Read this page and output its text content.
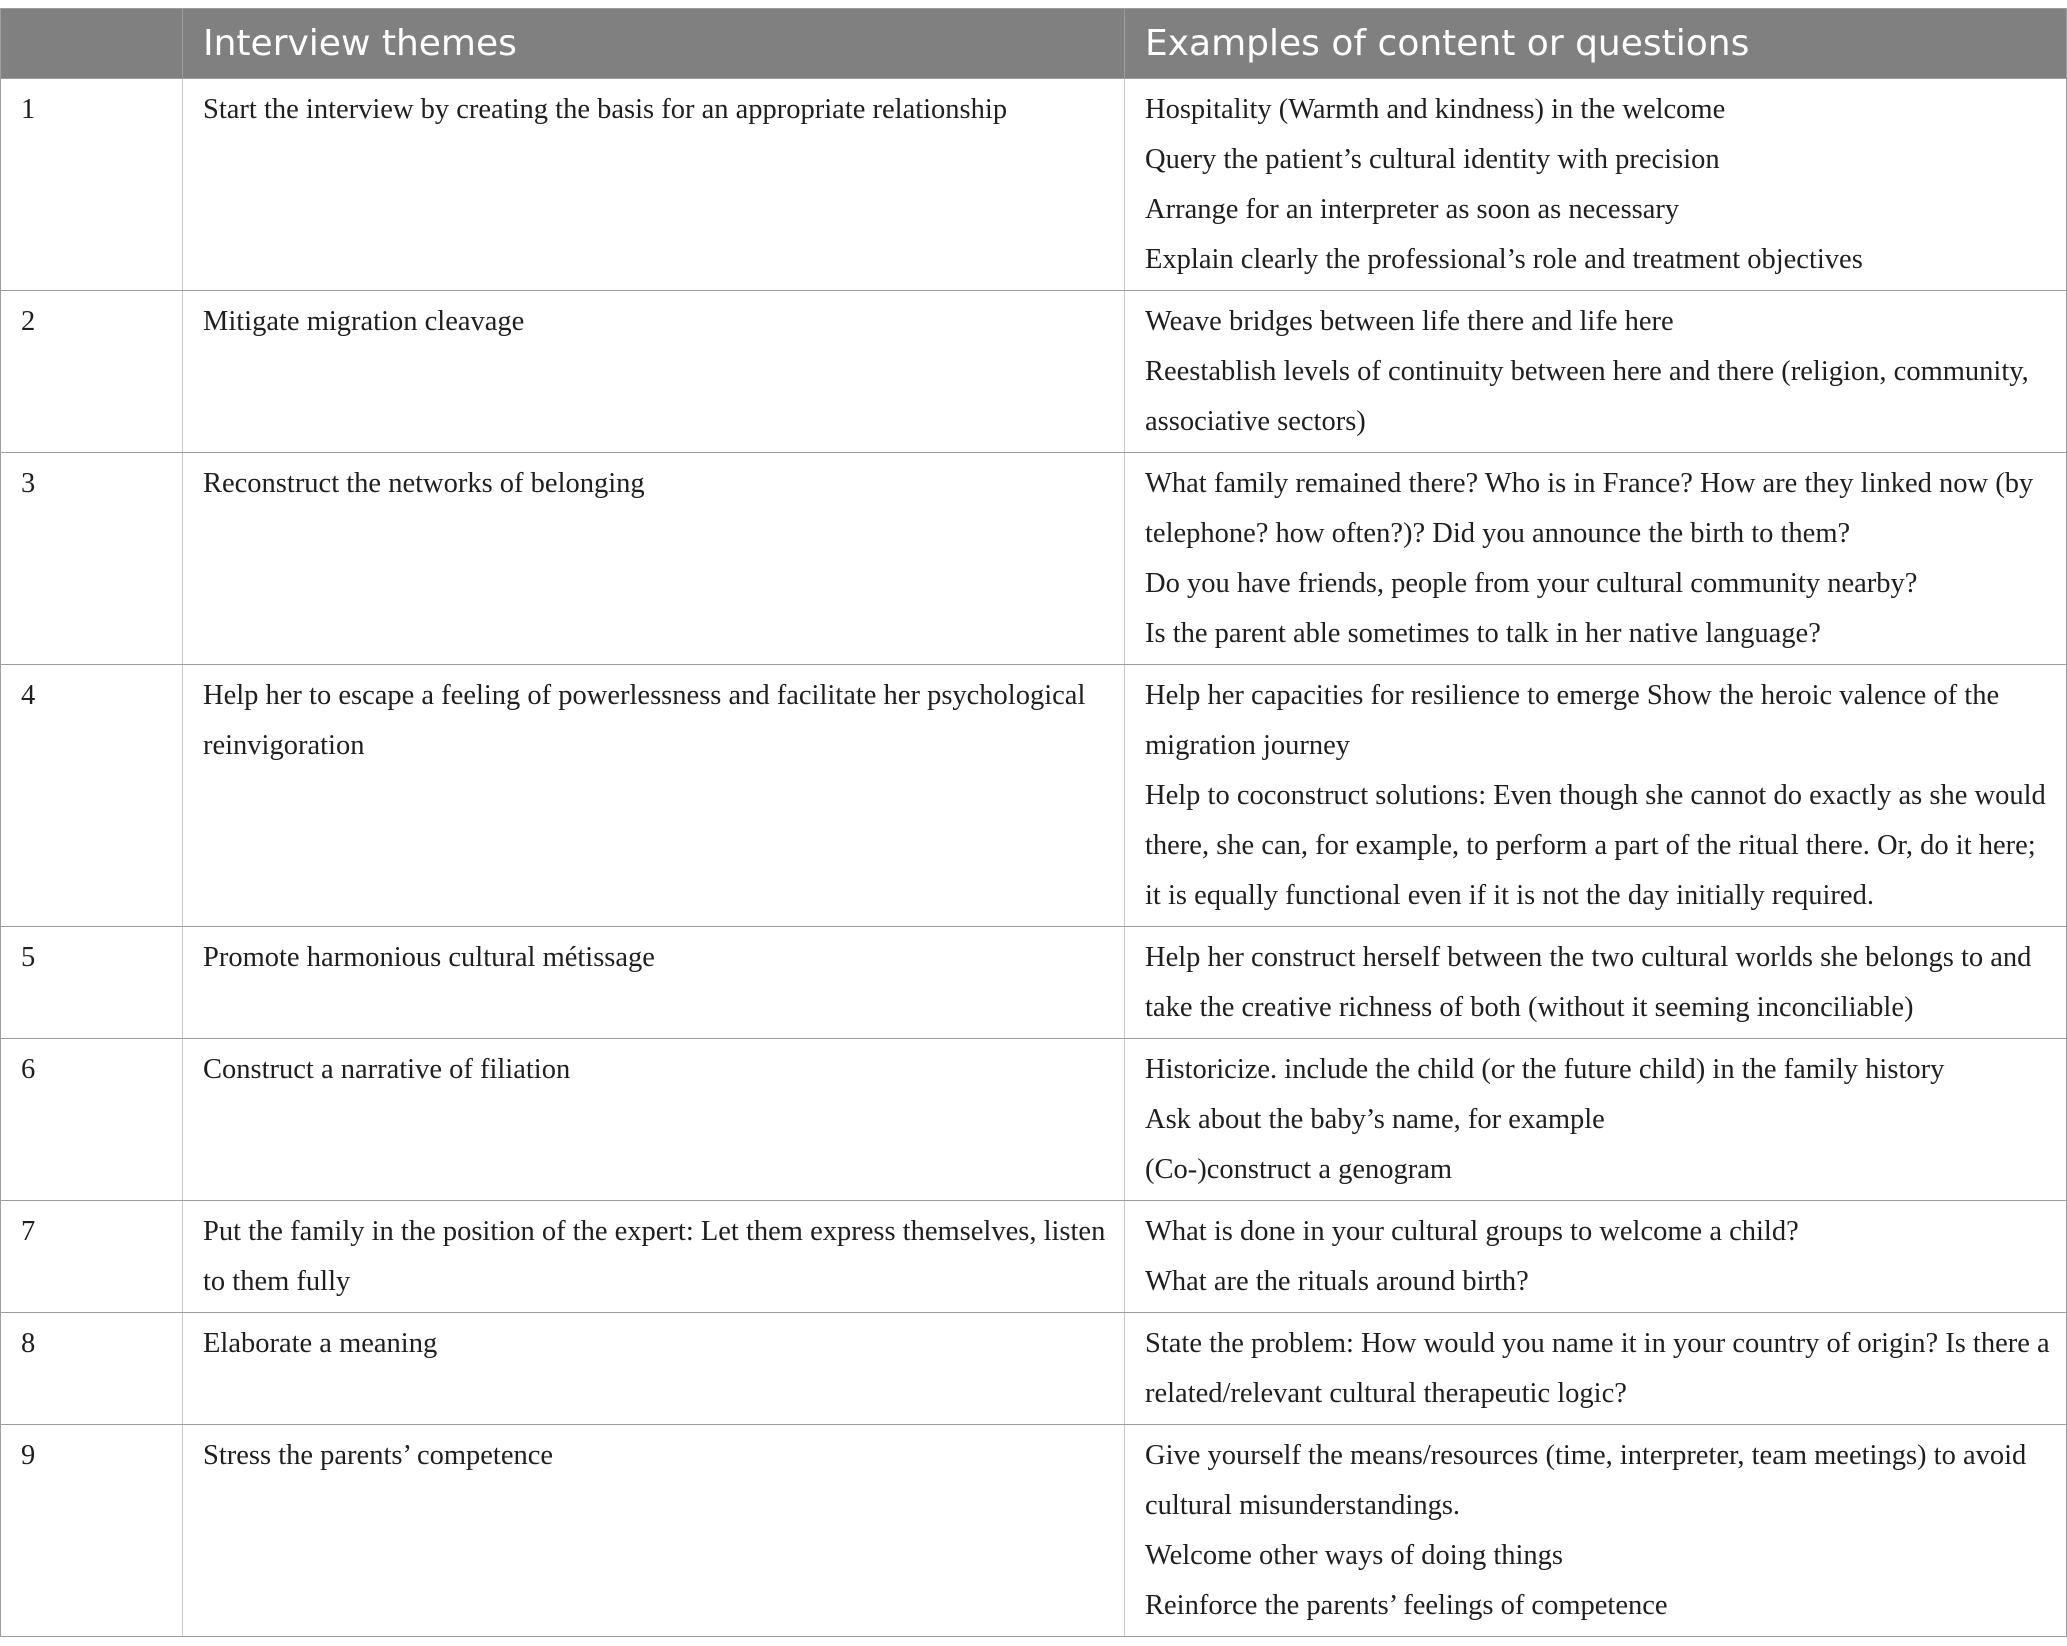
	Interview themes	Examples of content or questions
1	Start the interview by creating the basis for an appropriate relationship	Hospitality (Warmth and kindness) in the welcome
Query the patient’s cultural identity with precision
Arrange for an interpreter as soon as necessary
Explain clearly the professional’s role and treatment objectives

2	Mitigate migration cleavage	Weave bridges between life there and life here
Reestablish levels of continuity between here and there (religion, community, associative sectors)

3	Reconstruct the networks of belonging	What family remained there? Who is in France? How are they linked now (by telephone? how often?)? Did you announce the birth to them?
Do you have friends, people from your cultural community nearby?
Is the parent able sometimes to talk in her native language?

4	Help her to escape a feeling of powerlessness and facilitate her psychological reinvigoration	Help her capacities for resilience to emerge Show the heroic valence of the migration journey
Help to coconstruct solutions: Even though she cannot do exactly as she would there, she can, for example, to perform a part of the ritual there. Or, do it here; it is equally functional even if it is not the day initially required.

5	Promote harmonious cultural métissage	Help her construct herself between the two cultural worlds she belongs to and take the creative richness of both (without it seeming inconciliable)

6	Construct a narrative of filiation	Historicize. include the child (or the future child) in the family history
Ask about the baby’s name, for example
(Co-)construct a genogram

7	Put the family in the position of the expert: Let them express themselves, listen to them fully	What is done in your cultural groups to welcome a child?
What are the rituals around birth?

8	Elaborate a meaning	State the problem: How would you name it in your country of origin? Is there a related/relevant cultural therapeutic logic?

9	Stress the parents’ competence	Give yourself the means/resources (time, interpreter, team meetings) to avoid cultural misunderstandings.
Welcome other ways of doing things
Reinforce the parents’ feelings of competence
